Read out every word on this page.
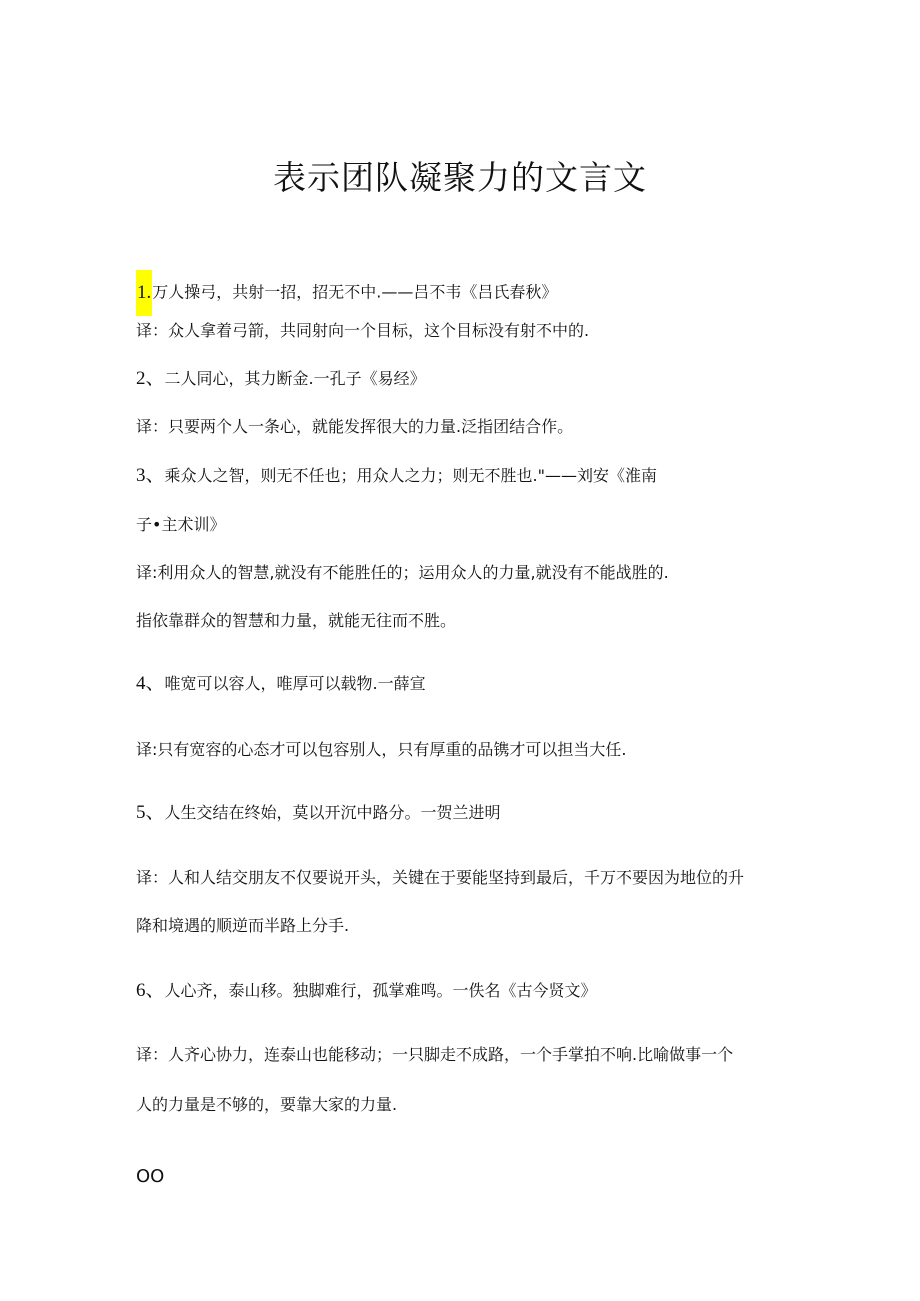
表示团队凝聚力的文言文

1.万人操弓，共射一招，招无不中.——吕不韦《吕氏春秋》

译：众人拿着弓箭，共同射向一个目标，这个目标没有射不中的.

2、二人同心，其力断金.一孔子《易经》

译：只要两个人一条心，就能发挥很大的力量.泛指团结合作。

3、乘众人之智，则无不任也；用众人之力；则无不胜也."——刘安《淮南

子•主术训》

译:利用众人的智慧,就没有不能胜任的；运用众人的力量,就没有不能战胜的.

指依靠群众的智慧和力量，就能无往而不胜。

4、唯宽可以容人，唯厚可以载物.一薛宣

译:只有宽容的心态才可以包容别人，只有厚重的品镌才可以担当大任.

5、人生交结在终始，莫以开沉中路分。一贺兰进明

译：人和人结交朋友不仅要说开头，关键在于要能坚持到最后，千万不要因为地位的升

降和境遇的顺逆而半路上分手.

6、人心齐，泰山移。独脚难行，孤掌难鸣。一佚名《古今贤文》

译：人齐心协力，连泰山也能移动；一只脚走不成路，一个手掌拍不响.比喻做事一个

人的力量是不够的，要靠大家的力量.

OO
